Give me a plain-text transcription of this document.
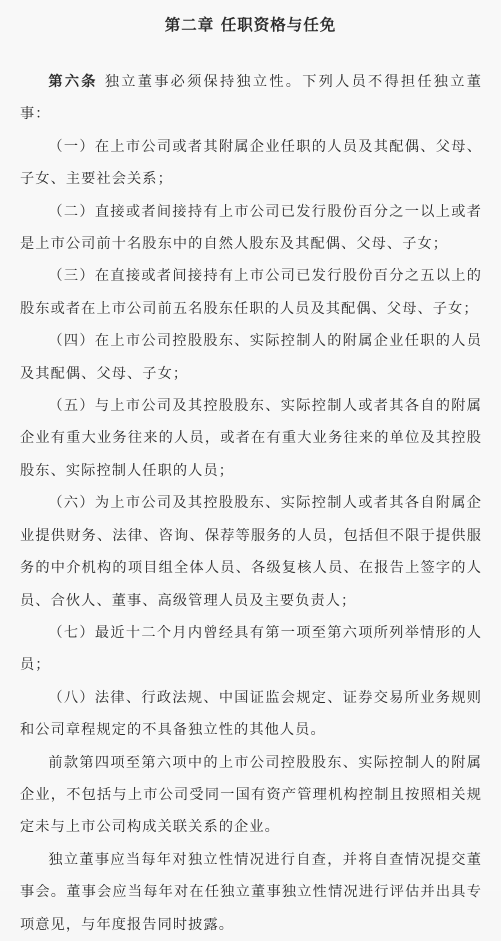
第二章 任职资格与任免

第六条 独立董事必须保持独立性。下列人员不得担任独立董事：

（一）在上市公司或者其附属企业任职的人员及其配偶、父母、子女、主要社会关系；

（二）直接或者间接持有上市公司已发行股份百分之一以上或者是上市公司前十名股东中的自然人股东及其配偶、父母、子女；

（三）在直接或者间接持有上市公司已发行股份百分之五以上的股东或者在上市公司前五名股东任职的人员及其配偶、父母、子女；

（四）在上市公司控股股东、实际控制人的附属企业任职的人员及其配偶、父母、子女；

（五）与上市公司及其控股股东、实际控制人或者其各自的附属企业有重大业务往来的人员，或者在有重大业务往来的单位及其控股股东、实际控制人任职的人员；

（六）为上市公司及其控股股东、实际控制人或者其各自附属企业提供财务、法律、咨询、保荐等服务的人员，包括但不限于提供服务的中介机构的项目组全体人员、各级复核人员、在报告上签字的人员、合伙人、董事、高级管理人员及主要负责人；

（七）最近十二个月内曾经具有第一项至第六项所列举情形的人员；

（八）法律、行政法规、中国证监会规定、证券交易所业务规则和公司章程规定的不具备独立性的其他人员。

前款第四项至第六项中的上市公司控股股东、实际控制人的附属企业，不包括与上市公司受同一国有资产管理机构控制且按照相关规定未与上市公司构成关联关系的企业。

独立董事应当每年对独立性情况进行自查，并将自查情况提交董事会。董事会应当每年对在任独立董事独立性情况进行评估并出具专项意见，与年度报告同时披露。
